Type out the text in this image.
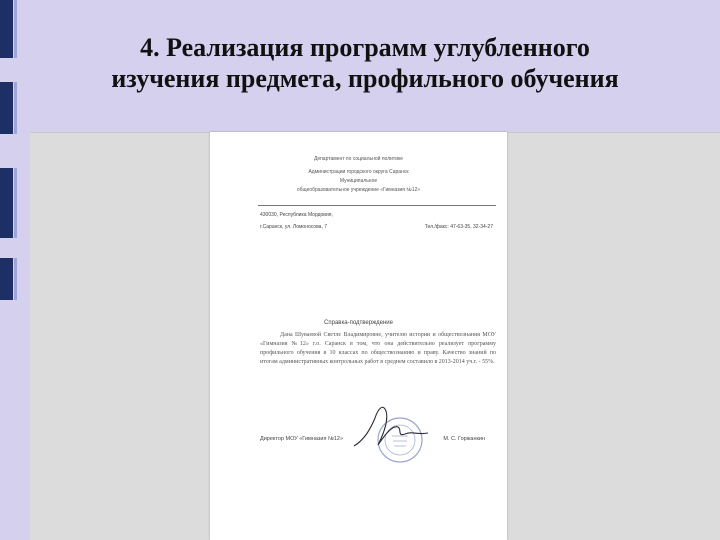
4. Реализация программ углубленного
изучения предмета, профильного обучения
Департамент по социальной политике
Администрации городского округа Саранск
Муниципальное
общеобразовательное учреждение «Гимназия №12»
430030, Республика Мордовия,
г.Саранск, ул. Ломоносова, 7	Тел./факс: 47-63-35, 32-34-27
Справка-подтверждение
Дана Шуваевой Светле Владимировне, учителю истории и обществознания МОУ «Гимназия №12» г.о. Саранск в том, что она действительно реализует программу профильного обучения в 10 классах по обществознанию и праву. Качество знаний по итогам административных контрольных работ в среднем составило в 2013-2014 уч.г. - 55%.
Директор МОУ «Гимназия №12»	М. С. Горжанкин
